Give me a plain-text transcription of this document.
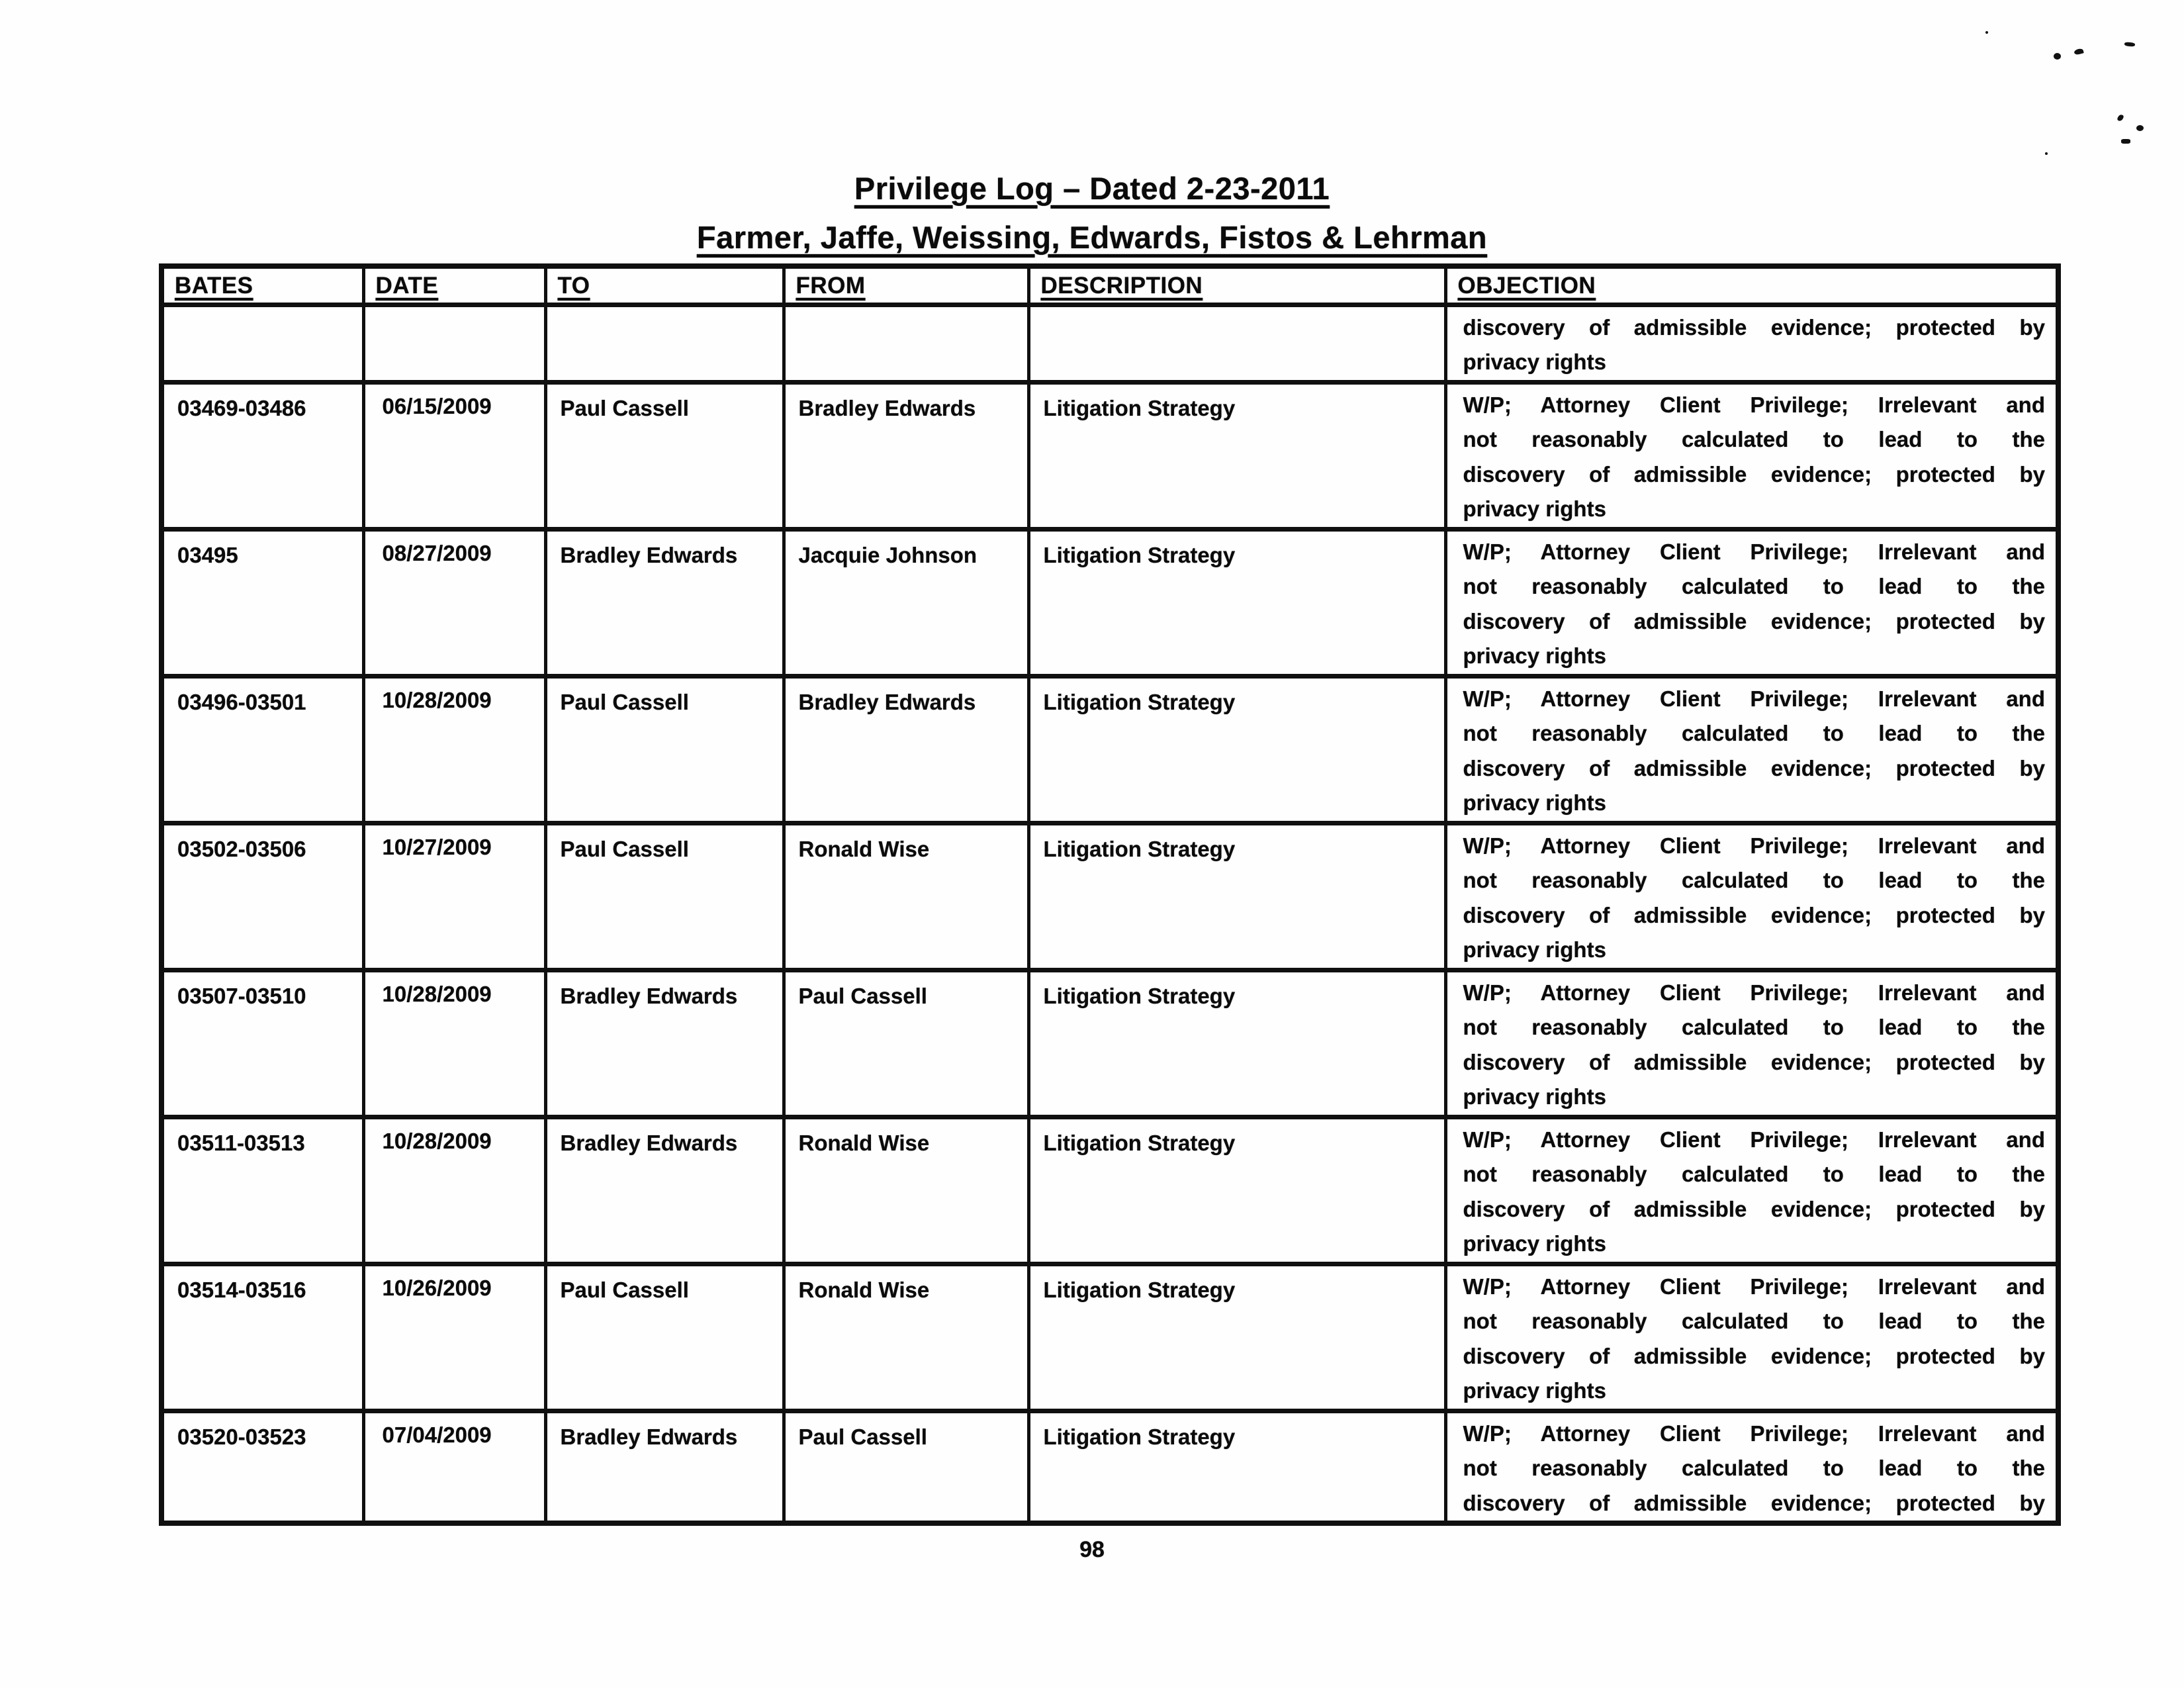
Privilege Log – Dated 2-23-2011
Farmer, Jaffe, Weissing, Edwards, Fistos & Lehrman
BATES	DATE	TO	FROM	DESCRIPTION	OBJECTION

					discovery of admissible evidence; protected by
privacy rights

03469-03486	06/15/2009	Paul Cassell	Bradley Edwards	Litigation Strategy	W/P; Attorney Client Privilege; Irrelevant and
not reasonably calculated to lead to the
discovery of admissible evidence; protected by
privacy rights

03495	08/27/2009	Bradley Edwards	Jacquie Johnson	Litigation Strategy	W/P; Attorney Client Privilege; Irrelevant and
not reasonably calculated to lead to the
discovery of admissible evidence; protected by
privacy rights

03496-03501	10/28/2009	Paul Cassell	Bradley Edwards	Litigation Strategy	W/P; Attorney Client Privilege; Irrelevant and
not reasonably calculated to lead to the
discovery of admissible evidence; protected by
privacy rights

03502-03506	10/27/2009	Paul Cassell	Ronald Wise	Litigation Strategy	W/P; Attorney Client Privilege; Irrelevant and
not reasonably calculated to lead to the
discovery of admissible evidence; protected by
privacy rights

03507-03510	10/28/2009	Bradley Edwards	Paul Cassell	Litigation Strategy	W/P; Attorney Client Privilege; Irrelevant and
not reasonably calculated to lead to the
discovery of admissible evidence; protected by
privacy rights

03511-03513	10/28/2009	Bradley Edwards	Ronald Wise	Litigation Strategy	W/P; Attorney Client Privilege; Irrelevant and
not reasonably calculated to lead to the
discovery of admissible evidence; protected by
privacy rights

03514-03516	10/26/2009	Paul Cassell	Ronald Wise	Litigation Strategy	W/P; Attorney Client Privilege; Irrelevant and
not reasonably calculated to lead to the
discovery of admissible evidence; protected by
privacy rights

03520-03523	07/04/2009	Bradley Edwards	Paul Cassell	Litigation Strategy	W/P; Attorney Client Privilege; Irrelevant and
not reasonably calculated to lead to the
discovery of admissible evidence; protected by
98
